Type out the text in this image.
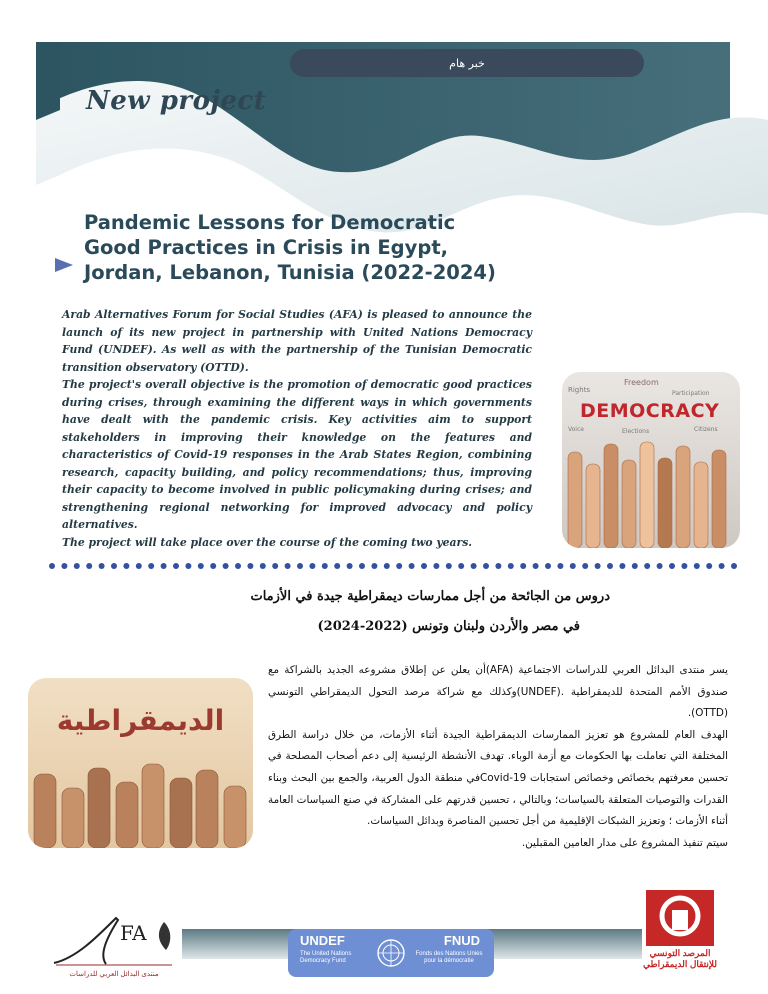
خبر هام
New project
Pandemic Lessons for Democratic
Good Practices in Crisis in Egypt,
Jordan, Lebanon, Tunisia (2022-2024)

Arab Alternatives Forum for Social Studies (AFA) is pleased to announce the launch of its new project in partnership with United Nations Democracy Fund (UNDEF). As well as with the partnership of the Tunisian Democratic transition observatory (OTTD).

The project's overall objective is the promotion of democratic good practices during crises, through examining the different ways in which governments have dealt with the pandemic crisis. Key activities aim to support stakeholders in improving their knowledge on the features and characteristics of Covid-19 responses in the Arab States Region, combining research, capacity building, and policy recommendations; thus, improving their capacity to become involved in public policymaking during crises; and strengthening regional networking for improved advocacy and policy alternatives.

The project will take place over the course of the coming two years.

DEMOCRACY
Rights
Freedom
Participation
Voice	Citizens
Elections
دروس من الجائحة من أجل ممارسات ديمقراطية جيدة في الأزمات
في مصر والأردن ولبنان وتونس (2022-2024)
الديمقراطية

يسر منتدى البدائل العربي للدراسات الاجتماعية (AFA)أن يعلن عن إطلاق مشروعه الجديد بالشراكة مع صندوق الأمم المتحدة للديمقراطية .(UNDEF)وكذلك مع شراكة مرصد التحول الديمقراطي التونسي (OTTD).

الهدف العام للمشروع هو تعزيز الممارسات الديمقراطية الجيدة أثناء الأزمات، من خلال دراسة الطرق المختلفة التي تعاملت بها الحكومات مع أزمة الوباء. تهدف الأنشطة الرئيسية إلى دعم أصحاب المصلحة في تحسين معرفتهم بخصائص وخصائص استجابات Covid-19في منطقة الدول العربية، والجمع بين البحث وبناء القدرات والتوصيات المتعلقة بالسياسات؛ وبالتالي ، تحسين قدرتهم على المشاركة في صنع السياسات العامة أثناء الأزمات ؛ وتعزيز الشبكات الإقليمية من أجل تحسين المناصرة وبدائل السياسات.

سيتم تنفيذ المشروع على مدار العامين المقبلين.

FA
منتدى البدائل العربي للدراسات
UNDEF
The United Nations Democracy Fund
FNUD
Fonds des Nations Unies pour la démocratie
المرصد التونسي للإنتقال الديمقراطي
